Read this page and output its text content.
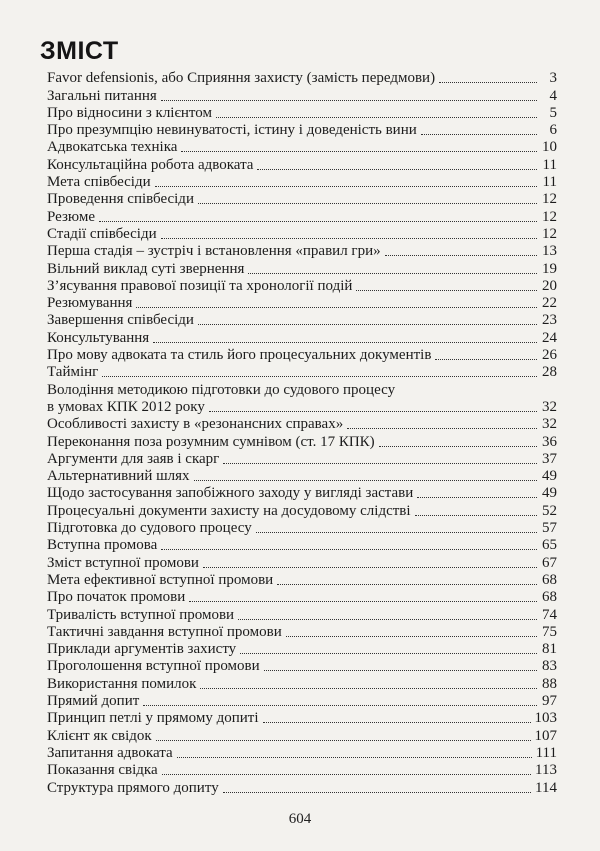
ЗМІСТ
Favor defensionis, або Сприяння захисту (замість передмови)	3
Загальні питання	4
Про відносини з клієнтом	5
Про презумпцію невинуватості, істину і доведеність вини	6
Адвокатська техніка	10
Консультаційна робота адвоката	11
Мета співбесіди	11
Проведення співбесіди	12
Резюме	12
Стадії співбесіди	12
Перша стадія – зустріч і встановлення «правил гри»	13
Вільний виклад суті звернення	19
З’ясування правової позиції та хронології подій	20
Резюмування	22
Завершення співбесіди	23
Консультування	24
Про мову адвоката та стиль його процесуальних документів	26
Таймінг	28
Володіння методикою підготовки до судового процесу
в умовах КПК 2012 року	32
Особливості захисту в «резонансних справах»	32
Переконання поза розумним сумнівом (ст. 17 КПК)	36
Аргументи для заяв і скарг	37
Альтернативний шлях	49
Щодо застосування запобіжного заходу у вигляді застави	49
Процесуальні документи захисту на досудовому слідстві	52
Підготовка до судового процесу	57
Вступна промова	65
Зміст вступної промови	67
Мета ефективної вступної промови	68
Про початок промови	68
Тривалість вступної промови	74
Тактичні завдання вступної промови	75
Приклади аргументів захисту	81
Проголошення вступної промови	83
Використання помилок	88
Прямий допит	97
Принцип петлі у прямому допиті	103
Клієнт як свідок	107
Запитання адвоката	111
Показання свідка	113
Структура прямого допиту	114
604
